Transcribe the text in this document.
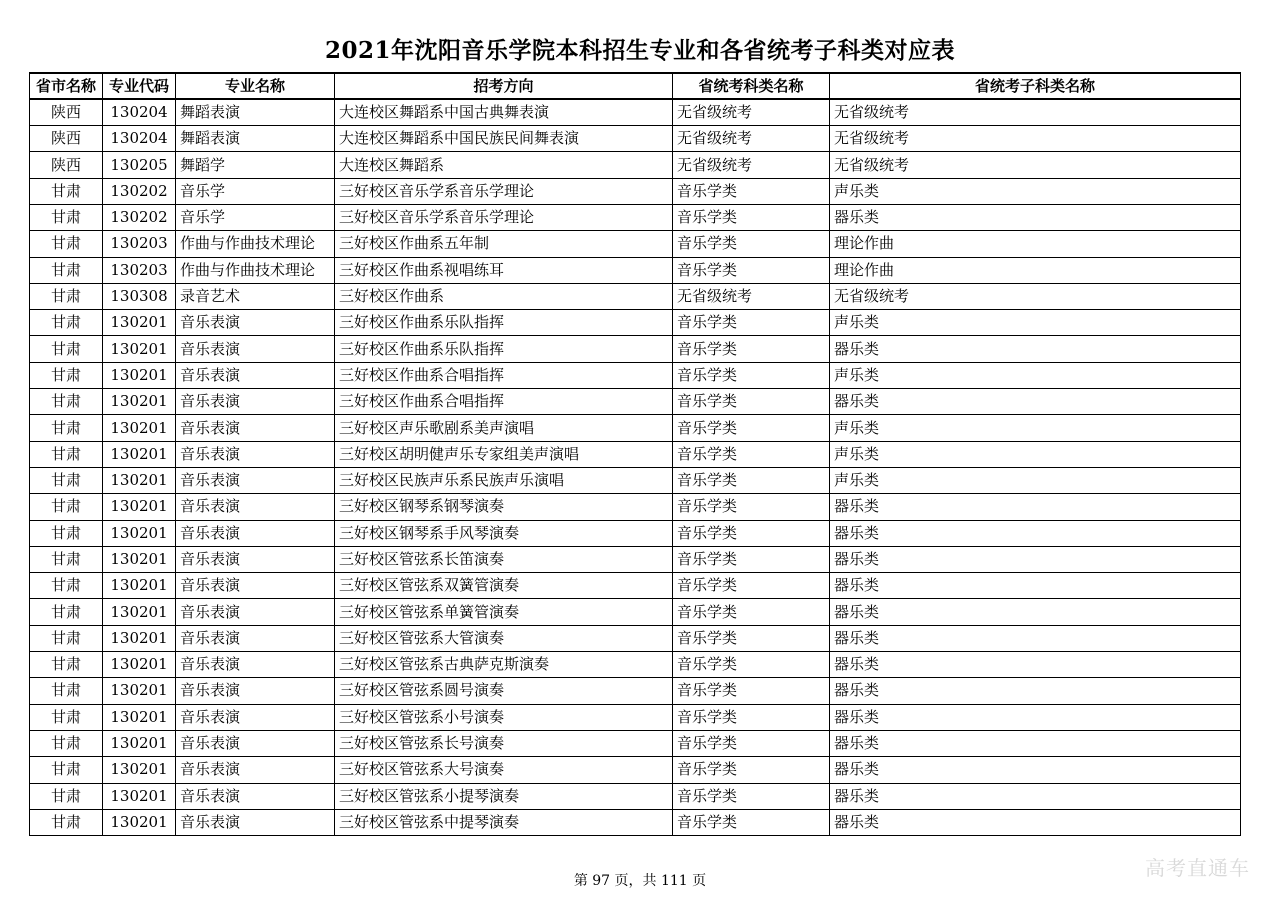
2021年沈阳音乐学院本科招生专业和各省统考子科类对应表
省市名称	专业代码	专业名称	招考方向	省统考科类名称	省统考子科类名称
陕西	130204	舞蹈表演	大连校区舞蹈系中国古典舞表演	无省级统考	无省级统考
陕西	130204	舞蹈表演	大连校区舞蹈系中国民族民间舞表演	无省级统考	无省级统考
陕西	130205	舞蹈学	大连校区舞蹈系	无省级统考	无省级统考
甘肃	130202	音乐学	三好校区音乐学系音乐学理论	音乐学类	声乐类
甘肃	130202	音乐学	三好校区音乐学系音乐学理论	音乐学类	器乐类
甘肃	130203	作曲与作曲技术理论	三好校区作曲系五年制	音乐学类	理论作曲
甘肃	130203	作曲与作曲技术理论	三好校区作曲系视唱练耳	音乐学类	理论作曲
甘肃	130308	录音艺术	三好校区作曲系	无省级统考	无省级统考
甘肃	130201	音乐表演	三好校区作曲系乐队指挥	音乐学类	声乐类
甘肃	130201	音乐表演	三好校区作曲系乐队指挥	音乐学类	器乐类
甘肃	130201	音乐表演	三好校区作曲系合唱指挥	音乐学类	声乐类
甘肃	130201	音乐表演	三好校区作曲系合唱指挥	音乐学类	器乐类
甘肃	130201	音乐表演	三好校区声乐歌剧系美声演唱	音乐学类	声乐类
甘肃	130201	音乐表演	三好校区胡明健声乐专家组美声演唱	音乐学类	声乐类
甘肃	130201	音乐表演	三好校区民族声乐系民族声乐演唱	音乐学类	声乐类
甘肃	130201	音乐表演	三好校区钢琴系钢琴演奏	音乐学类	器乐类
甘肃	130201	音乐表演	三好校区钢琴系手风琴演奏	音乐学类	器乐类
甘肃	130201	音乐表演	三好校区管弦系长笛演奏	音乐学类	器乐类
甘肃	130201	音乐表演	三好校区管弦系双簧管演奏	音乐学类	器乐类
甘肃	130201	音乐表演	三好校区管弦系单簧管演奏	音乐学类	器乐类
甘肃	130201	音乐表演	三好校区管弦系大管演奏	音乐学类	器乐类
甘肃	130201	音乐表演	三好校区管弦系古典萨克斯演奏	音乐学类	器乐类
甘肃	130201	音乐表演	三好校区管弦系圆号演奏	音乐学类	器乐类
甘肃	130201	音乐表演	三好校区管弦系小号演奏	音乐学类	器乐类
甘肃	130201	音乐表演	三好校区管弦系长号演奏	音乐学类	器乐类
甘肃	130201	音乐表演	三好校区管弦系大号演奏	音乐学类	器乐类
甘肃	130201	音乐表演	三好校区管弦系小提琴演奏	音乐学类	器乐类
甘肃	130201	音乐表演	三好校区管弦系中提琴演奏	音乐学类	器乐类
第 97 页，共 111 页
高考直通车
